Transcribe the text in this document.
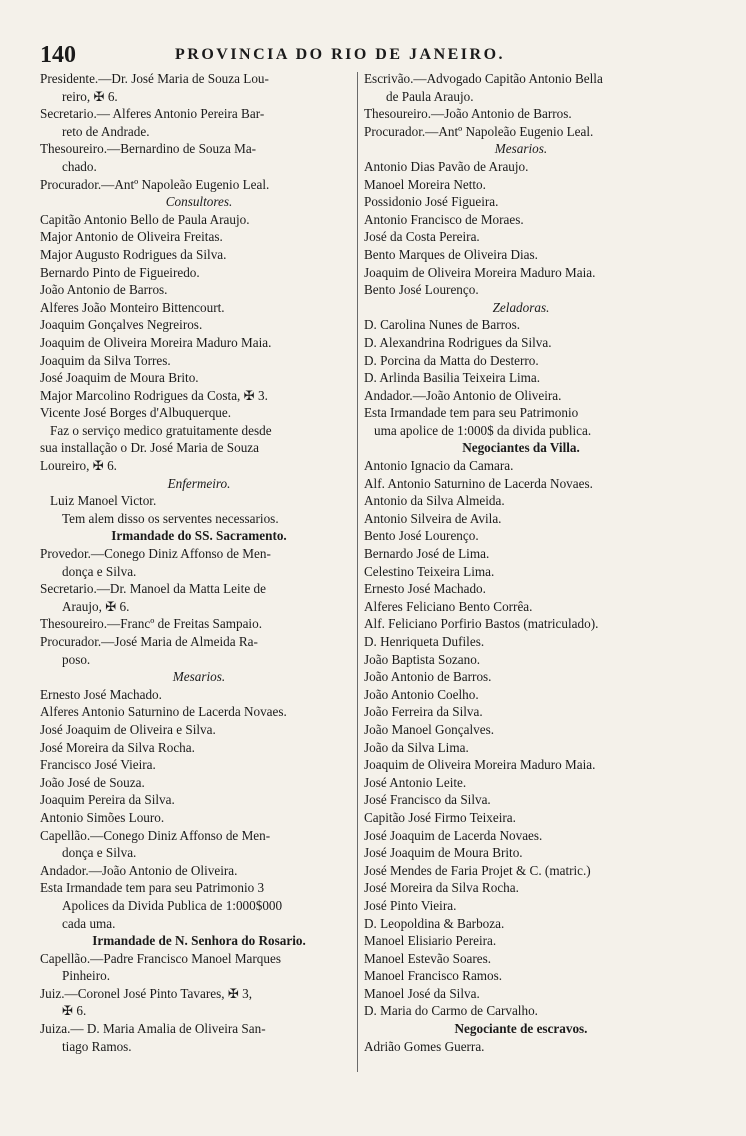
140	PROVINCIA DO RIO DE JANEIRO.
Presidente.—Dr. José Maria de Souza Lou-
reiro, ✠ 6.
Secretario.— Alferes Antonio Pereira Bar-
reto de Andrade.
Thesoureiro.—Bernardino de Souza Ma-
chado.
Procurador.—Antº Napoleão Eugenio Leal.
Consultores.
Capitão Antonio Bello de Paula Araujo.
Major Antonio de Oliveira Freitas.
Major Augusto Rodrigues da Silva.
Bernardo Pinto de Figueiredo.
João Antonio de Barros.
Alferes João Monteiro Bittencourt.
Joaquim Gonçalves Negreiros.
Joaquim de Oliveira Moreira Maduro Maia.
Joaquim da Silva Torres.
José Joaquim de Moura Brito.
Major Marcolino Rodrigues da Costa, ✠ 3.
Vicente José Borges d'Albuquerque.
Faz o serviço medico gratuitamente desde
sua installação o Dr. José Maria de Souza
Loureiro, ✠ 6.
Enfermeiro.
Luiz Manoel Victor.
Tem alem disso os serventes necessarios.
Irmandade do SS. Sacramento.
Provedor.—Conego Diniz Affonso de Men-
donça e Silva.
Secretario.—Dr. Manoel da Matta Leite de
Araujo, ✠ 6.
Thesoureiro.—Francº de Freitas Sampaio.
Procurador.—José Maria de Almeida Ra-
poso.
Mesarios.
Ernesto José Machado.
Alferes Antonio Saturnino de Lacerda Novaes.
José Joaquim de Oliveira e Silva.
José Moreira da Silva Rocha.
Francisco José Vieira.
João José de Souza.
Joaquim Pereira da Silva.
Antonio Simões Louro.
Capellão.—Conego Diniz Affonso de Men-
donça e Silva.
Andador.—João Antonio de Oliveira.
Esta Irmandade tem para seu Patrimonio 3
Apolices da Divida Publica de 1:000$000
cada uma.
Irmandade de N. Senhora do Rosario.
Capellão.—Padre Francisco Manoel Marques
Pinheiro.
Juiz.—Coronel José Pinto Tavares, ✠ 3,
✠ 6.
Juiza.— D. Maria Amalia de Oliveira San-
tiago Ramos.
Escrivão.—Advogado Capitão Antonio Bella
de Paula Araujo.
Thesoureiro.—João Antonio de Barros.
Procurador.—Antº Napoleão Eugenio Leal.
Mesarios.
Antonio Dias Pavão de Araujo.
Manoel Moreira Netto.
Possidonio José Figueira.
Antonio Francisco de Moraes.
José da Costa Pereira.
Bento Marques de Oliveira Dias.
Joaquim de Oliveira Moreira Maduro Maia.
Bento José Lourenço.
Zeladoras.
D. Carolina Nunes de Barros.
D. Alexandrina Rodrigues da Silva.
D. Porcina da Matta do Desterro.
D. Arlinda Basilia Teixeira Lima.
Andador.—João Antonio de Oliveira.
Esta Irmandade tem para seu Patrimonio
uma apolice de 1:000$ da divida publica.
Negociantes da Villa.
Antonio Ignacio da Camara.
Alf. Antonio Saturnino de Lacerda Novaes.
Antonio da Silva Almeida.
Antonio Silveira de Avila.
Bento José Lourenço.
Bernardo José de Lima.
Celestino Teixeira Lima.
Ernesto José Machado.
Alferes Feliciano Bento Corrêa.
Alf. Feliciano Porfirio Bastos (matriculado).
D. Henriqueta Dufiles.
João Baptista Sozano.
João Antonio de Barros.
João Antonio Coelho.
João Ferreira da Silva.
João Manoel Gonçalves.
João da Silva Lima.
Joaquim de Oliveira Moreira Maduro Maia.
José Antonio Leite.
José Francisco da Silva.
Capitão José Firmo Teixeira.
José Joaquim de Lacerda Novaes.
José Joaquim de Moura Brito.
José Mendes de Faria Projet & C. (matric.)
José Moreira da Silva Rocha.
José Pinto Vieira.
D. Leopoldina & Barboza.
Manoel Elisiario Pereira.
Manoel Estevão Soares.
Manoel Francisco Ramos.
Manoel José da Silva.
D. Maria do Carmo de Carvalho.
Negociante de escravos.
Adrião Gomes Guerra.
